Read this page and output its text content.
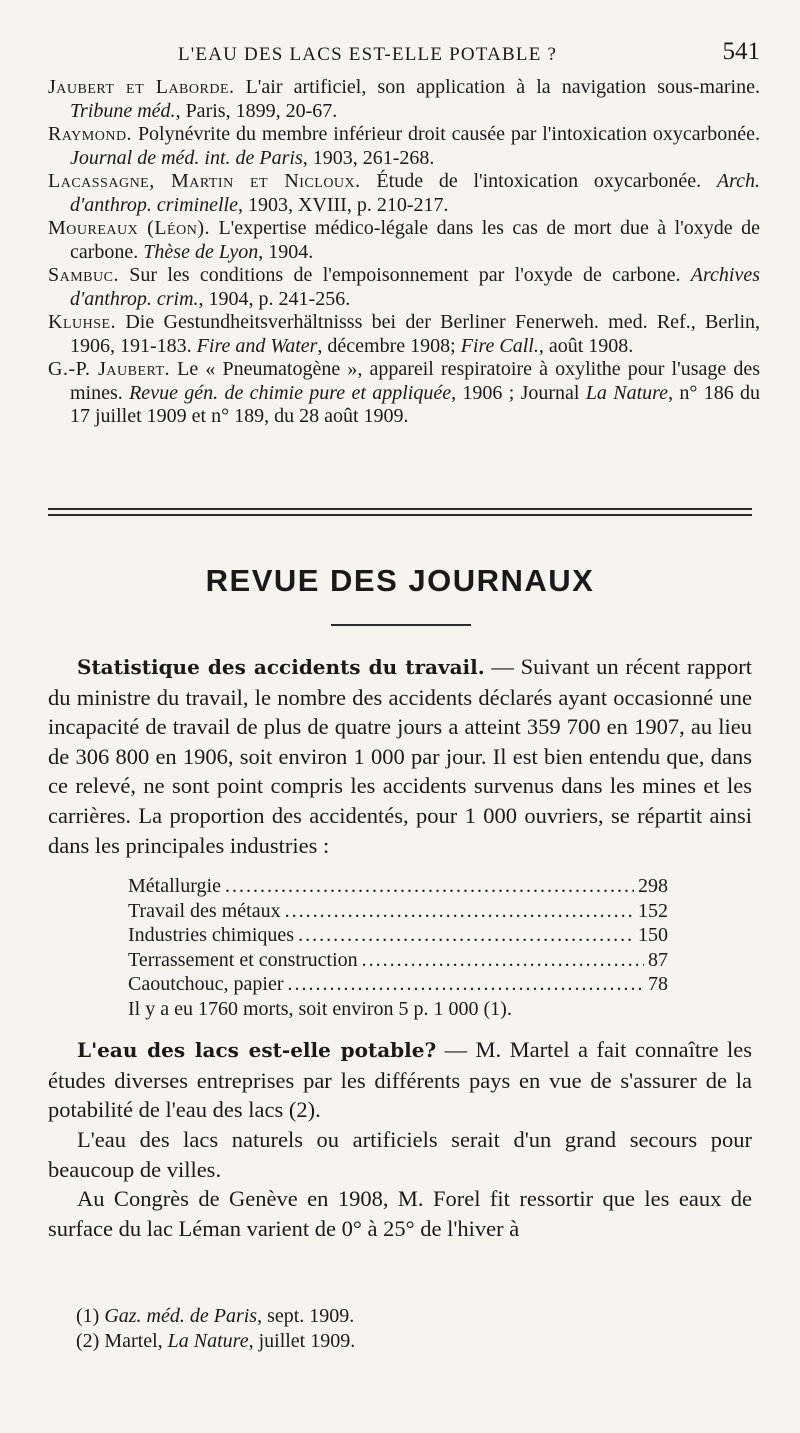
L'EAU DES LACS EST-ELLE POTABLE ?	541

Jaubert et Laborde. L'air artificiel, son application à la navigation sous-marine. Tribune méd., Paris, 1899, 20-67.

Raymond. Polynévrite du membre inférieur droit causée par l'intoxication oxycarbonée. Journal de méd. int. de Paris, 1903, 261-268.

Lacassagne, Martin et Nicloux. Étude de l'intoxication oxycarbonée. Arch. d'anthrop. criminelle, 1903, XVIII, p. 210-217.

Moureaux (Léon). L'expertise médico-légale dans les cas de mort due à l'oxyde de carbone. Thèse de Lyon, 1904.

Sambuc. Sur les conditions de l'empoisonnement par l'oxyde de carbone. Archives d'anthrop. crim., 1904, p. 241-256.

Kluhse. Die Gestundheitsverhältnisss bei der Berliner Fenerweh. med. Ref., Berlin, 1906, 191-183. Fire and Water, décembre 1908; Fire Call., août 1908.

G.-P. Jaubert. Le « Pneumatogène », appareil respiratoire à oxylithe pour l'usage des mines. Revue gén. de chimie pure et appliquée, 1906 ; Journal La Nature, n° 186 du 17 juillet 1909 et n° 189, du 28 août 1909.

REVUE DES JOURNAUX

Statistique des accidents du travail. — Suivant un récent rapport du ministre du travail, le nombre des accidents déclarés ayant occasionné une incapacité de travail de plus de quatre jours a atteint 359 700 en 1907, au lieu de 306 800 en 1906, soit environ 1 000 par jour. Il est bien entendu que, dans ce relevé, ne sont point compris les accidents survenus dans les mines et les carrières. La proportion des accidentés, pour 1 000 ouvriers, se répartit ainsi dans les principales industries :

Métallurgie .....	298
Travail des métaux .....	152
Industries chimiques .....	150
Terrassement et construction .....	87
Caoutchouc, papier .....	78
Il y a eu 1760 morts, soit environ 5 p. 1 000 (1).

L'eau des lacs est-elle potable? — M. Martel a fait connaître les études diverses entreprises par les différents pays en vue de s'assurer de la potabilité de l'eau des lacs (2).

L'eau des lacs naturels ou artificiels serait d'un grand secours pour beaucoup de villes.

Au Congrès de Genève en 1908, M. Forel fit ressortir que les eaux de surface du lac Léman varient de 0° à 25° de l'hiver à

(1) Gaz. méd. de Paris, sept. 1909.
(2) Martel, La Nature, juillet 1909.
